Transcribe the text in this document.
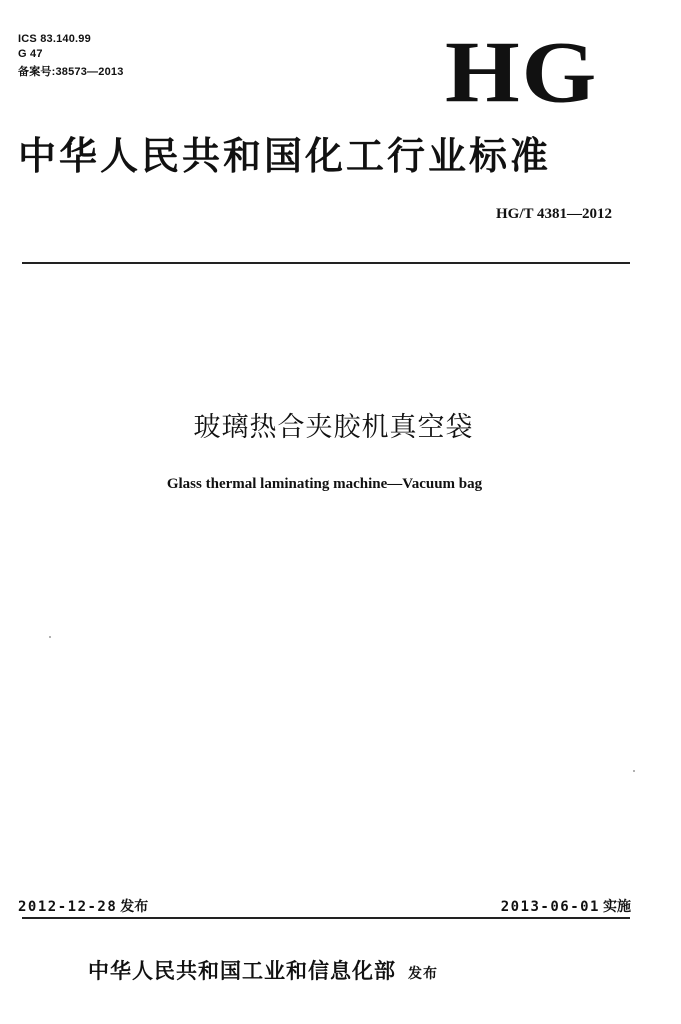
ICS 83.140.99
G 47
备案号:38573—2013	HG
中华人民共和国化工行业标准
HG/T 4381—2012
玻璃热合夹胶机真空袋
Glass thermal laminating machine—Vacuum bag
2012-12-28 发布	2013-06-01 实施
中华人民共和国工业和信息化部 发布
